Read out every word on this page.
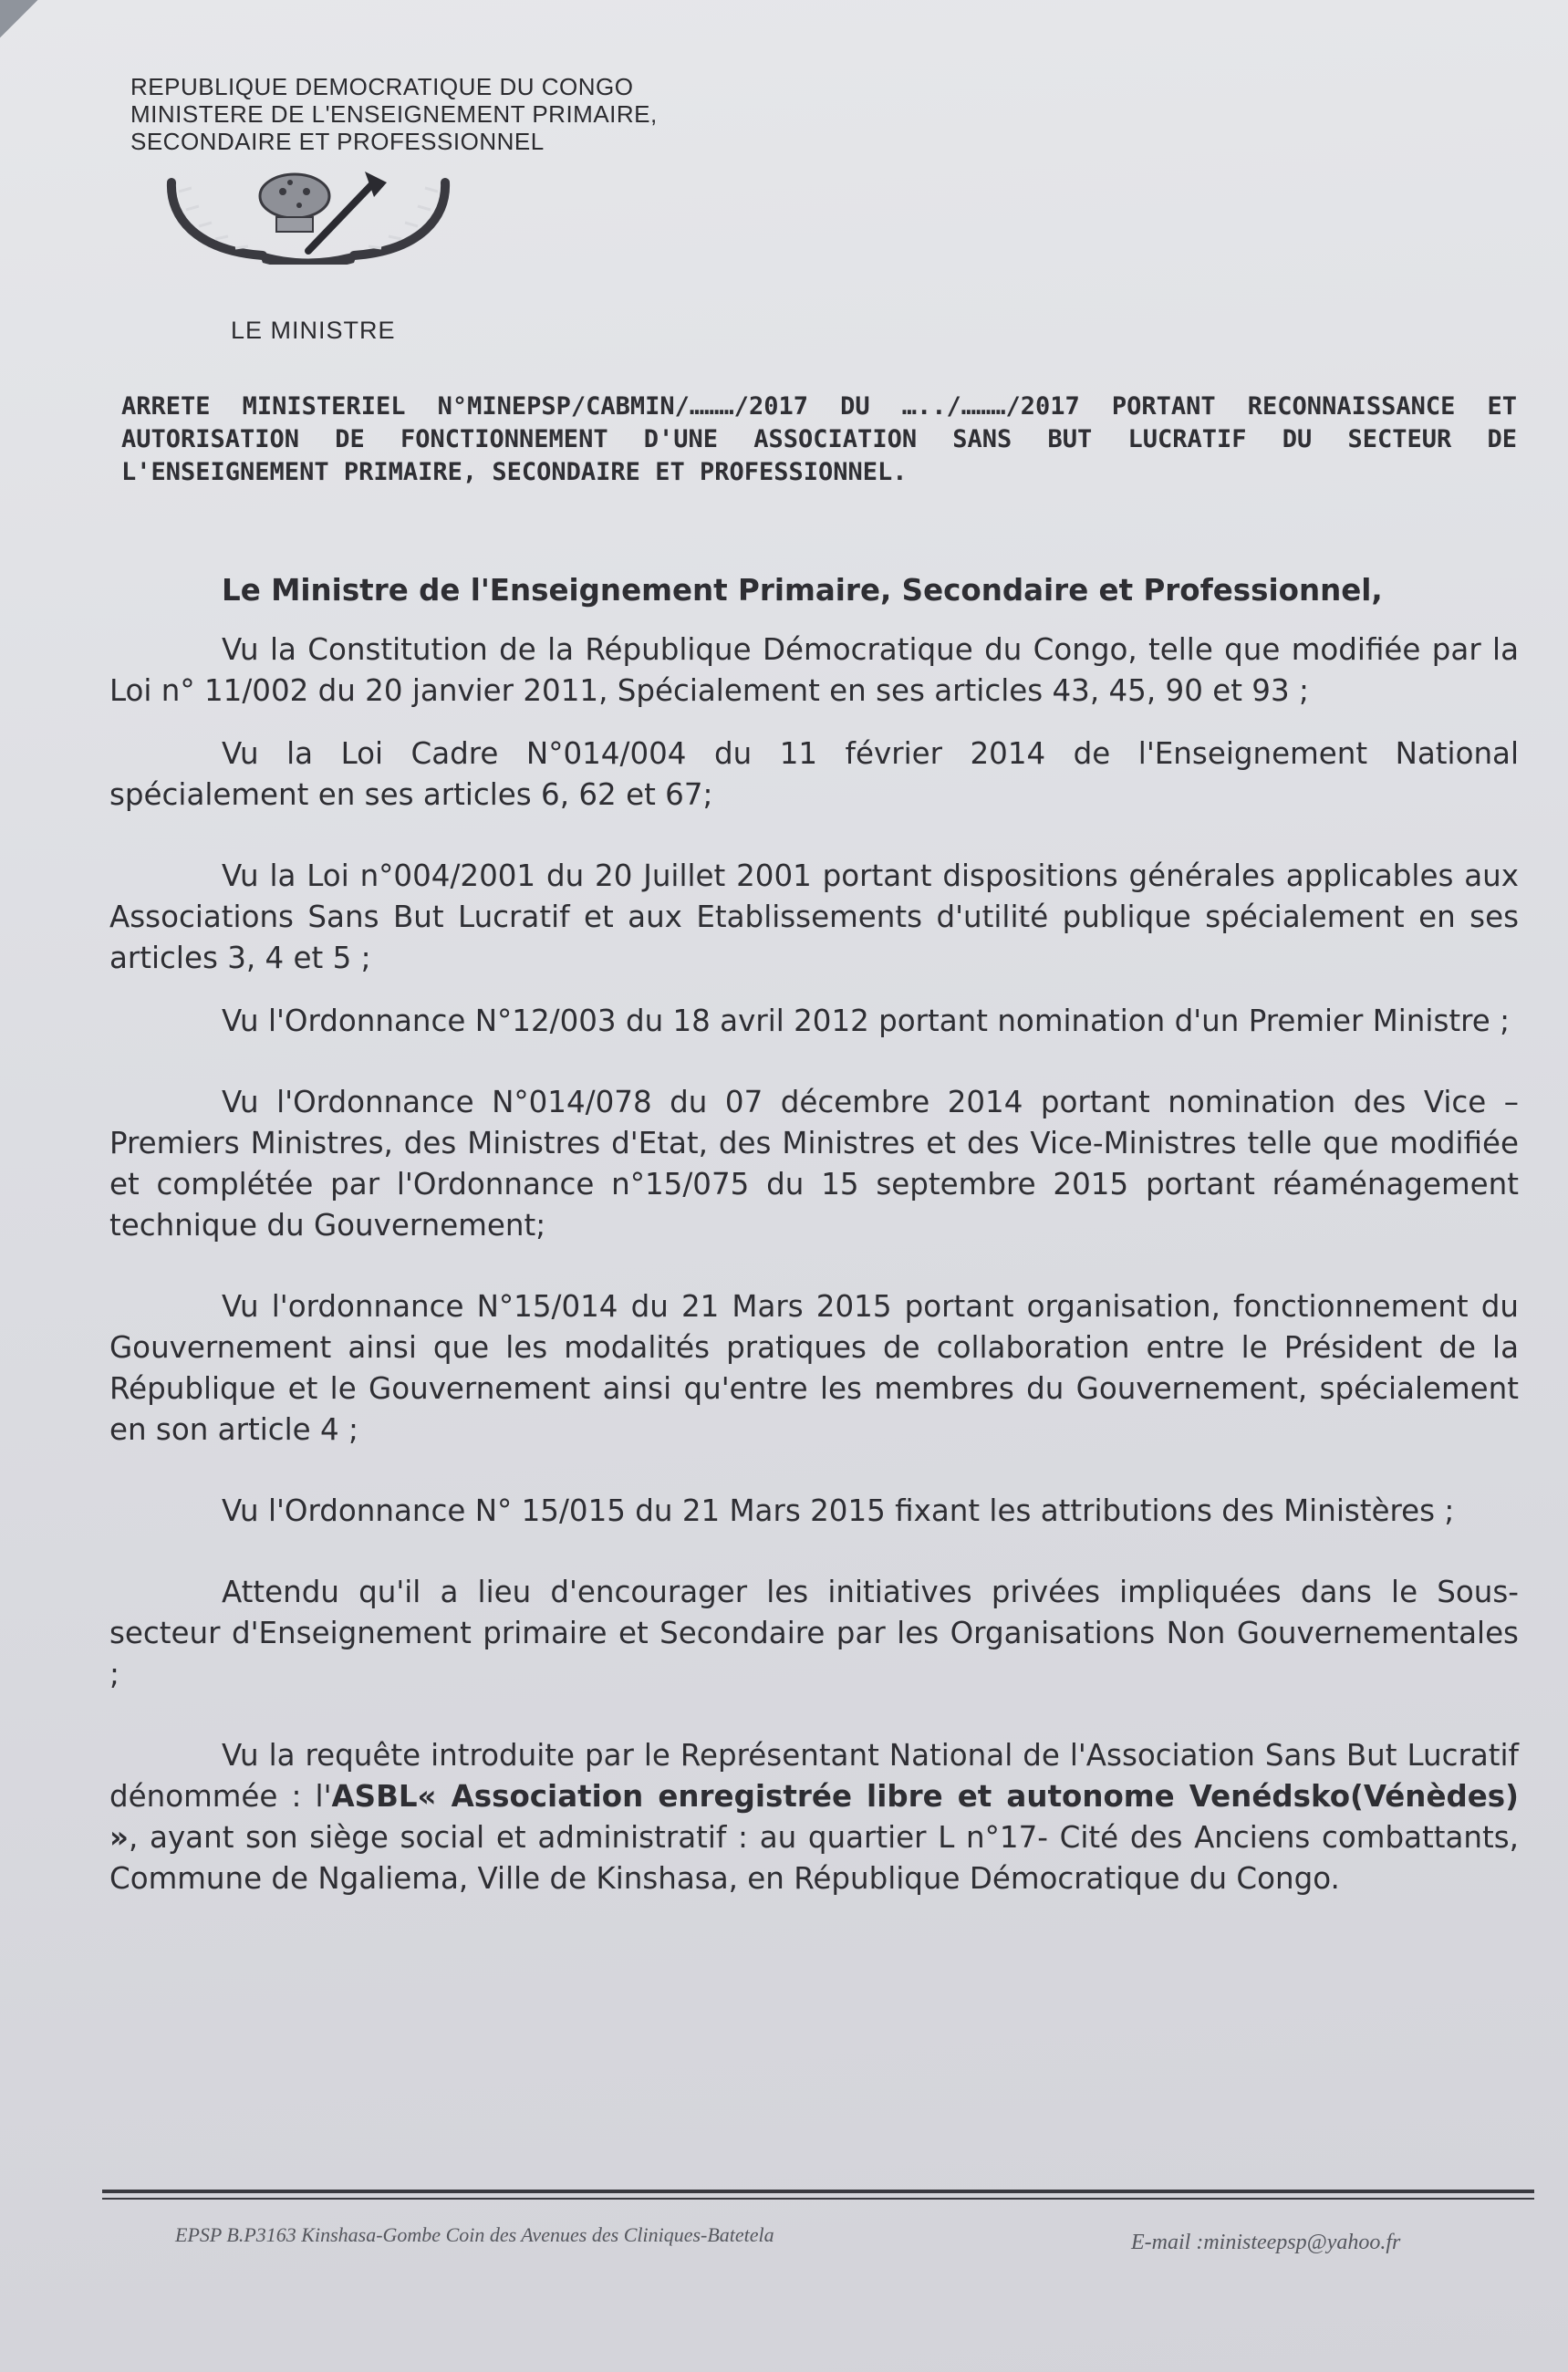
REPUBLIQUE DEMOCRATIQUE DU CONGO
MINISTERE DE L'ENSEIGNEMENT PRIMAIRE,
SECONDAIRE ET PROFESSIONNEL
LE MINISTRE
ARRETE MINISTERIEL N°MINEPSP/CABMIN/………/2017 DU …../………/2017 PORTANT RECONNAISSANCE ET AUTORISATION DE FONCTIONNEMENT D'UNE ASSOCIATION SANS BUT LUCRATIF DU SECTEUR DE L'ENSEIGNEMENT PRIMAIRE, SECONDAIRE ET PROFESSIONNEL.

Le Ministre de l'Enseignement Primaire, Secondaire et Professionnel,

Vu la Constitution de la République Démocratique du Congo, telle que modifiée par la Loi n° 11/002 du 20 janvier 2011, Spécialement en ses articles 43, 45, 90 et 93 ;

Vu la Loi Cadre N°014/004 du 11 février 2014 de l'Enseignement National spécialement en ses articles 6, 62 et 67;

Vu la Loi n°004/2001 du 20 Juillet 2001 portant dispositions générales applicables aux Associations Sans But Lucratif et aux Etablissements d'utilité publique spécialement en ses articles 3, 4 et 5 ;

Vu l'Ordonnance N°12/003 du 18 avril 2012 portant nomination d'un Premier Ministre ;

Vu l'Ordonnance N°014/078 du 07 décembre 2014 portant nomination des Vice – Premiers Ministres, des Ministres d'Etat, des Ministres et des Vice-Ministres telle que modifiée et complétée par l'Ordonnance n°15/075 du 15 septembre 2015 portant réaménagement technique du Gouvernement;

Vu l'ordonnance N°15/014 du 21 Mars 2015 portant organisation, fonctionnement du Gouvernement ainsi que les modalités pratiques de collaboration entre le Président de la République et le Gouvernement ainsi qu'entre les membres du Gouvernement, spécialement en son article 4 ;

Vu l'Ordonnance N° 15/015 du 21 Mars 2015 fixant les attributions des Ministères ;

Attendu qu'il a lieu d'encourager les initiatives privées impliquées dans le Sous-secteur d'Enseignement primaire et Secondaire par les Organisations Non Gouvernementales ;

Vu la requête introduite par le Représentant National de l'Association Sans But Lucratif dénommée : l'ASBL« Association enregistrée libre et autonome Venédsko(Vénèdes) », ayant son siège social et administratif : au quartier L n°17- Cité des Anciens combattants, Commune de Ngaliema, Ville de Kinshasa, en République Démocratique du Congo.

EPSP B.P3163 Kinshasa-Gombe Coin des Avenues des Cliniques-Batetela	E-mail :ministeepsp@yahoo.fr
